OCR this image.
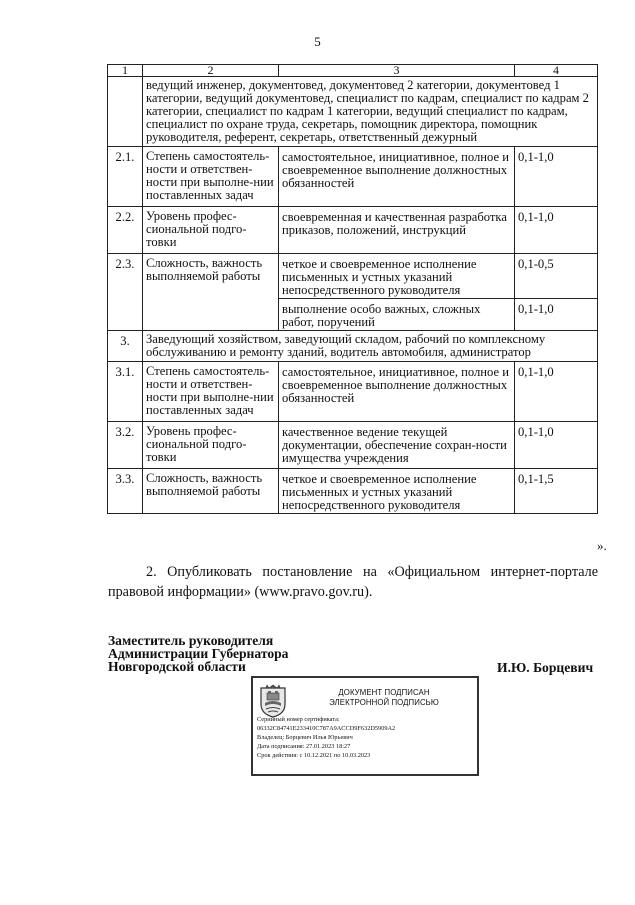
5
1	2	3	4
	ведущий инженер, документовед, документовед 2 категории, документовед 1 категории, ведущий документовед, специалист по кадрам, специалист по кадрам 2 категории, специалист по кадрам 1 категории, ведущий специалист по кадрам, специалист по охране труда, секретарь, помощник директора, помощник руководителя, референт, секретарь, ответственный дежурный		
2.1.	Степень самостоятель-ности и ответствен-ности при выполне-нии поставленных задач	самостоятельное, инициативное, полное и своевременное выполнение должностных обязанностей	0,1-1,0
2.2.	Уровень профес-сиональной подго-товки	своевременная и качественная разработка приказов, положений, инструкций	0,1-1,0
2.3.	Сложность, важность выполняемой работы	четкое и своевременное исполнение письменных и устных указаний непосредственного руководителя	0,1-0,5
		выполнение особо важных, сложных работ, поручений	0,1-1,0
3.	Заведующий хозяйством, заведующий складом, рабочий по комплексному обслуживанию и ремонту зданий, водитель автомобиля, администратор		
3.1.	Степень самостоятель-ности и ответствен-ности при выполне-нии поставленных задач	самостоятельное, инициативное, полное и своевременное выполнение должностных обязанностей	0,1-1,0
3.2.	Уровень профес-сиональной подго-товки	качественное ведение текущей документации, обеспечение сохран-ности имущества учреждения	0,1-1,0
3.3.	Сложность, важность выполняемой работы	четкое и своевременное исполнение письменных и устных указаний непосредственного руководителя	0,1-1,5
».
2. Опубликовать постановление на «Официальном интернет-портале правовой информации» (www.pravo.gov.ru).
Заместитель руководителя
Администрации Губернатора
Новгородской области	И.Ю. Борцевич
ДОКУМЕНТ ПОДПИСАН
ЭЛЕКТРОННОЙ ПОДПИСЬЮ
Серийный номер сертификата:
06332C84741E233410C787A9ACCD9F632D5909A2
Владелец: Борцевич Илья Юрьевич
Дата подписания: 27.01.2023 18:27
Срок действия: с 10.12.2021 по 10.03.2023
